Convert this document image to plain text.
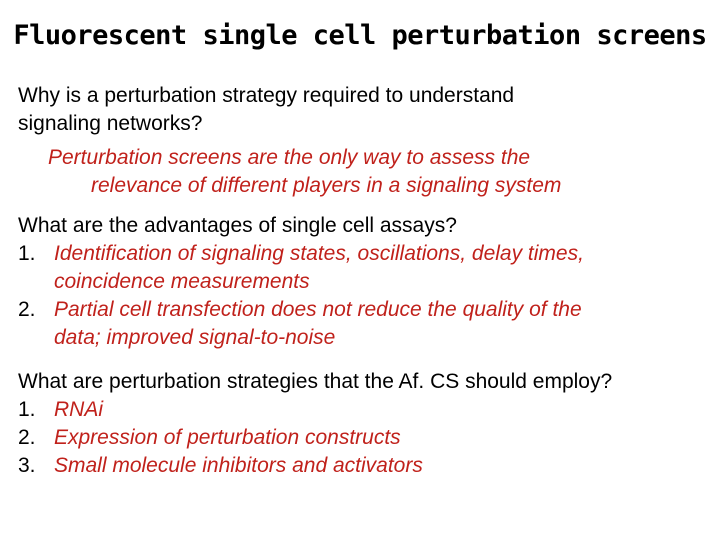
Fluorescent single cell perturbation screens

Why is a perturbation strategy required to understand

signaling networks?

Perturbation screens are the only way to assess the

relevance of different players in a signaling system

What are the advantages of single cell assays?

1. Identification of signaling states, oscillations, delay times,
coincidence measurements
2. Partial cell transfection does not reduce the quality of the
data; improved signal-to-noise

What are perturbation strategies that the Af. CS should employ?

1. RNAi
2. Expression of perturbation constructs
3. Small molecule inhibitors and activators
